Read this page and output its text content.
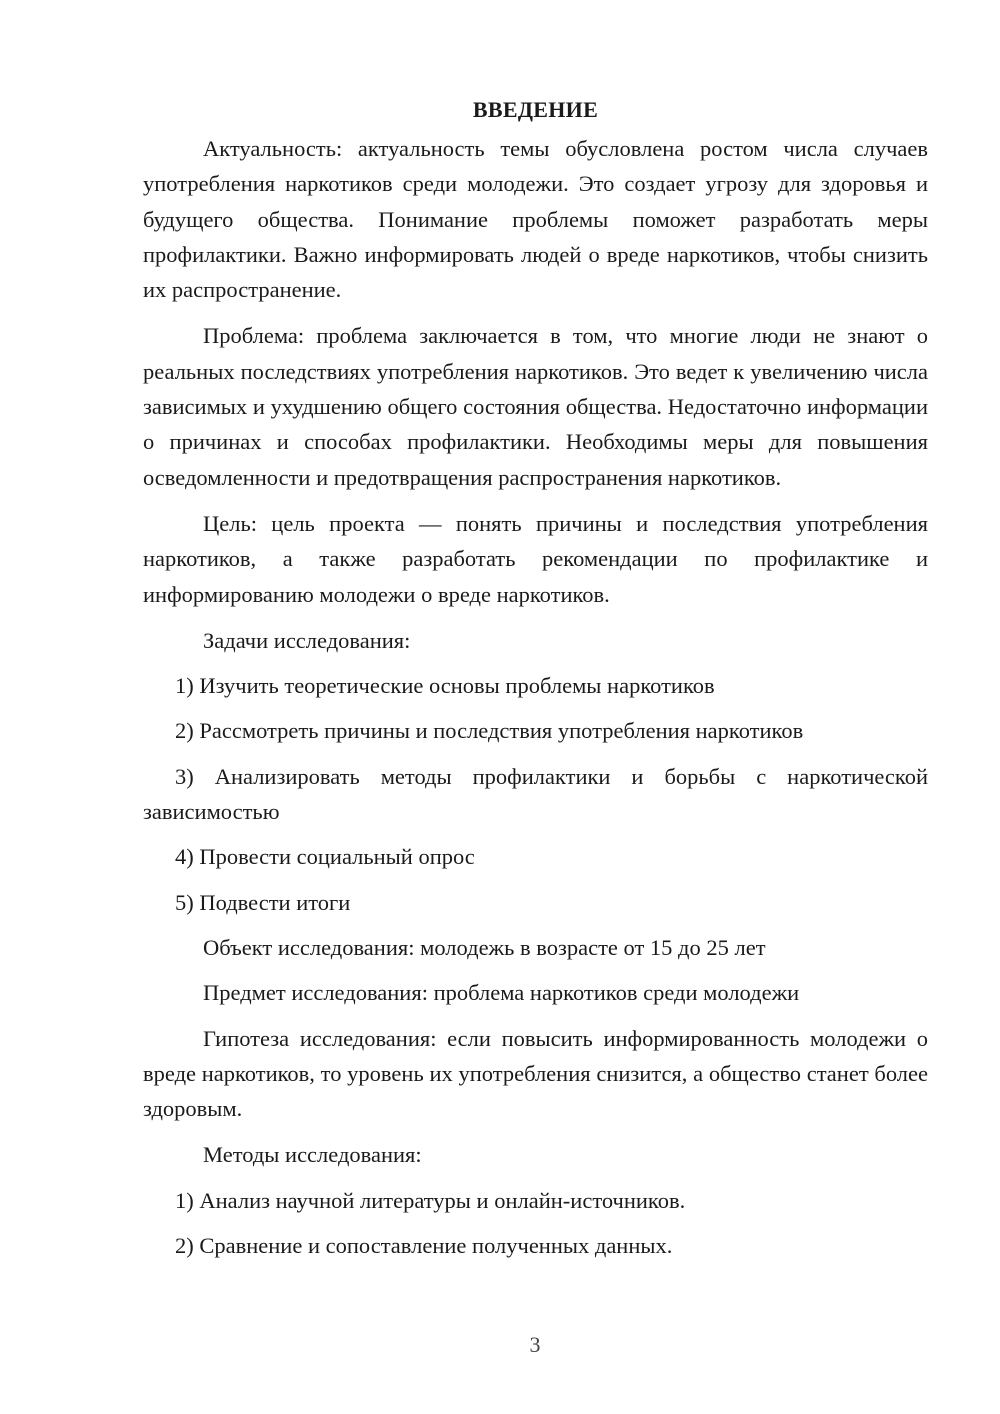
ВВЕДЕНИЕ

Актуальность: актуальность темы обусловлена ростом числа случаев употребления наркотиков среди молодежи. Это создает угрозу для здоровья и будущего общества. Понимание проблемы поможет разработать меры профилактики. Важно информировать людей о вреде наркотиков, чтобы снизить их распространение.

Проблема: проблема заключается в том, что многие люди не знают о реальных последствиях употребления наркотиков. Это ведет к увеличению числа зависимых и ухудшению общего состояния общества. Недостаточно информации о причинах и способах профилактики. Необходимы меры для повышения осведомленности и предотвращения распространения наркотиков.

Цель: цель проекта — понять причины и последствия употребления наркотиков, а также разработать рекомендации по профилактике и информированию молодежи о вреде наркотиков.

Задачи исследования:

1) Изучить теоретические основы проблемы наркотиков

2) Рассмотреть причины и последствия употребления наркотиков

3) Анализировать методы профилактики и борьбы с наркотической зависимостью

4) Провести социальный опрос

5) Подвести итоги

Объект исследования: молодежь в возрасте от 15 до 25 лет

Предмет исследования: проблема наркотиков среди молодежи

Гипотеза исследования: если повысить информированность молодежи о вреде наркотиков, то уровень их употребления снизится, а общество станет более здоровым.

Методы исследования:

1) Анализ научной литературы и онлайн-источников.

2) Сравнение и сопоставление полученных данных.

3
